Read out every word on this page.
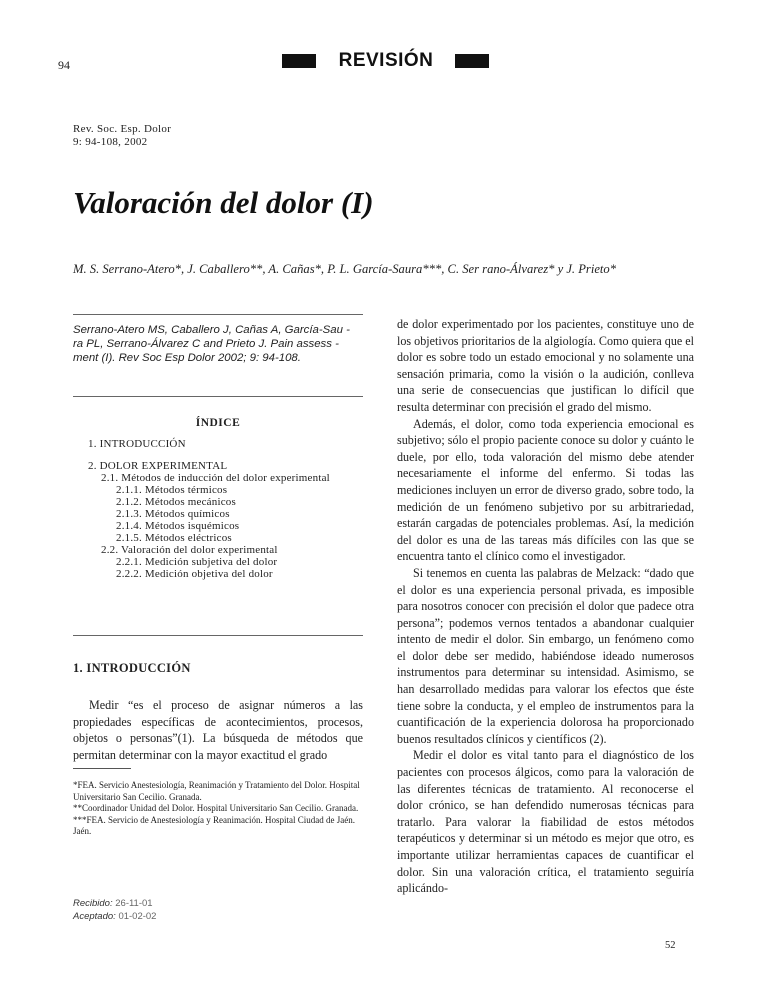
94	REVISIÓN
Rev. Soc. Esp. Dolor
9: 94-108, 2002
Valoración del dolor (I)
M. S. Serrano-Atero*, J. Caballero**, A. Cañas*, P. L. García-Saura***, C. Ser rano-Álvarez* y J. Prieto*
Serrano-Atero MS, Caballero J, Cañas A, García-Sau - ra PL, Serrano-Álvarez C and Prieto J. Pain assess - ment (I). Rev Soc Esp Dolor 2002; 9: 94-108.
ÍNDICE
1. INTRODUCCIÓN
2. DOLOR EXPERIMENTAL
2.1. Métodos de inducción del dolor experimental
2.1.1. Métodos térmicos
2.1.2. Métodos mecánicos
2.1.3. Métodos químicos
2.1.4. Métodos isquémicos
2.1.5. Métodos eléctricos
2.2. Valoración del dolor experimental
2.2.1. Medición subjetiva del dolor
2.2.2. Medición objetiva del dolor
1. INTRODUCCIÓN

Medir “es el proceso de asignar números a las propiedades específicas de acontecimientos, procesos, objetos o personas”(1). La búsqueda de métodos que permitan determinar con la mayor exactitud el grado

*FEA. Servicio Anestesiología, Reanimación y Tratamiento del Dolor. Hospital Universitario San Cecilio. Granada.
**Coordinador Unidad del Dolor. Hospital Universitario San Cecilio. Granada.
***FEA. Servicio de Anestesiología y Reanimación. Hospital Ciudad de Jaén. Jaén.
Recibido: 26-11-01
Aceptado: 01-02-02

de dolor experimentado por los pacientes, constituye uno de los objetivos prioritarios de la algiología. Como quiera que el dolor es sobre todo un estado emocional y no solamente una sensación primaria, como la visión o la audición, conlleva una serie de consecuencias que justifican lo difícil que resulta determinar con precisión el grado del mismo.

Además, el dolor, como toda experiencia emocional es subjetivo; sólo el propio paciente conoce su dolor y cuánto le duele, por ello, toda valoración del mismo debe atender necesariamente el informe del enfermo. Si todas las mediciones incluyen un error de diverso grado, sobre todo, la medición de un fenómeno subjetivo por su arbitrariedad, estarán cargadas de potenciales problemas. Así, la medición del dolor es una de las tareas más difíciles con las que se encuentra tanto el clínico como el investigador.

Si tenemos en cuenta las palabras de Melzack: “dado que el dolor es una experiencia personal privada, es imposible para nosotros conocer con precisión el dolor que padece otra persona”; podemos vernos tentados a abandonar cualquier intento de medir el dolor. Sin embargo, un fenómeno como el dolor debe ser medido, habiéndose ideado numerosos instrumentos para determinar su intensidad. Asimismo, se han desarrollado medidas para valorar los efectos que éste tiene sobre la conducta, y el empleo de instrumentos para la cuantificación de la experiencia dolorosa ha proporcionado buenos resultados clínicos y científicos (2).

Medir el dolor es vital tanto para el diagnóstico de los pacientes con procesos álgicos, como para la valoración de las diferentes técnicas de tratamiento. Al reconocerse el dolor crónico, se han defendido numerosas técnicas para tratarlo. Para valorar la fiabilidad de estos métodos terapéuticos y determinar si un método es mejor que otro, es importante utilizar herramientas capaces de cuantificar el dolor. Sin una valoración crítica, el tratamiento seguiría aplicándo-

52
